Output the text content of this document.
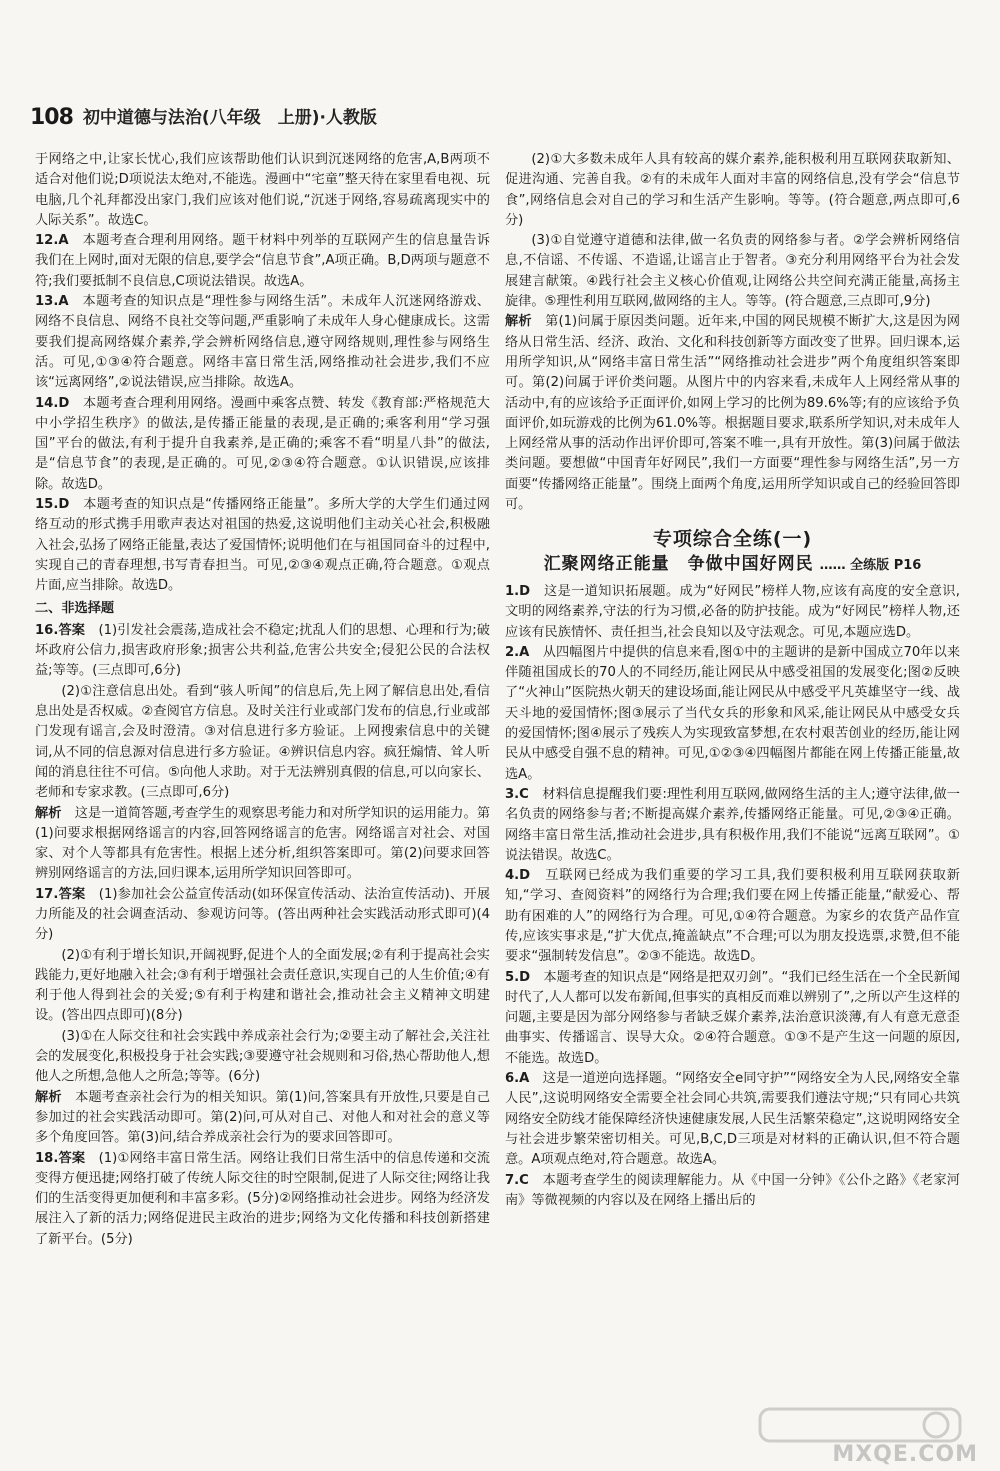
108 初中道德与法治(八年级　上册)·人教版

于网络之中,让家长忧心,我们应该帮助他们认识到沉迷网络的危害,A,B两项不适合对他们说;D项说法太绝对,不能选。漫画中“宅童”整天待在家里看电视、玩电脑,几个礼拜都没出家门,我们应该对他们说,“沉迷于网络,容易疏离现实中的人际关系”。故选C。

12.A　 本题考查合理利用网络。题干材料中列举的互联网产生的信息量告诉我们在上网时,面对无限的信息,要学会“信息节食”,A项正确。B,D两项与题意不符;我们要抵制不良信息,C项说法错误。故选A。

13.A　 本题考查的知识点是“理性参与网络生活”。未成年人沉迷网络游戏、网络不良信息、网络不良社交等问题,严重影响了未成年人身心健康成长。这需要我们提高网络媒介素养,学会辨析网络信息,遵守网络规则,理性参与网络生活。可见,①③④符合题意。网络丰富日常生活,网络推动社会进步,我们不应该“远离网络”,②说法错误,应当排除。故选A。

14.D　 本题考查合理利用网络。漫画中乘客点赞、转发《教育部:严格规范大中小学招生秩序》的做法,是传播正能量的表现,是正确的;乘客利用“学习强国”平台的做法,有利于提升自我素养,是正确的;乘客不看“明星八卦”的做法,是“信息节食”的表现,是正确的。可见,②③④符合题意。①认识错误,应该排除。故选D。

15.D　 本题考查的知识点是“传播网络正能量”。多所大学的大学生们通过网络互动的形式携手用歌声表达对祖国的热爱,这说明他们主动关心社会,积极融入社会,弘扬了网络正能量,表达了爱国情怀;说明他们在与祖国同奋斗的过程中,实现自己的青春理想,书写青春担当。可见,②③④观点正确,符合题意。①观点片面,应当排除。故选D。

二、非选择题

16.答案　 (1)引发社会震荡,造成社会不稳定;扰乱人们的思想、心理和行为;破坏政府公信力,损害政府形象;损害公共利益,危害公共安全;侵犯公民的合法权益;等等。(三点即可,6分)

(2)①注意信息出处。看到“骇人听闻”的信息后,先上网了解信息出处,看信息出处是否权威。②查阅官方信息。及时关注行业或部门发布的信息,行业或部门发现有谣言,会及时澄清。③对信息进行多方验证。上网搜索信息中的关键词,从不同的信息源对信息进行多方验证。④辨识信息内容。疯狂煽情、耸人听闻的消息往往不可信。⑤向他人求助。对于无法辨别真假的信息,可以向家长、老师和专家求教。(三点即可,6分)

解析　 这是一道简答题,考查学生的观察思考能力和对所学知识的运用能力。第(1)问要求根据网络谣言的内容,回答网络谣言的危害。网络谣言对社会、对国家、对个人等都具有危害性。根据上述分析,组织答案即可。第(2)问要求回答辨别网络谣言的方法,回归课本,运用所学知识回答即可。

17.答案　 (1)参加社会公益宣传活动(如环保宣传活动、法治宣传活动)、开展力所能及的社会调查活动、参观访问等。(答出两种社会实践活动形式即可)(4分)

(2)①有利于增长知识,开阔视野,促进个人的全面发展;②有利于提高社会实践能力,更好地融入社会;③有利于增强社会责任意识,实现自己的人生价值;④有利于他人得到社会的关爱;⑤有利于构建和谐社会,推动社会主义精神文明建设。(答出四点即可)(8分)

(3)①在人际交往和社会实践中养成亲社会行为;②要主动了解社会,关注社会的发展变化,积极投身于社会实践;③要遵守社会规则和习俗,热心帮助他人,想他人之所想,急他人之所急;等等。(6分)

解析　 本题考查亲社会行为的相关知识。第(1)问,答案具有开放性,只要是自己参加过的社会实践活动即可。第(2)问,可从对自己、对他人和对社会的意义等多个角度回答。第(3)问,结合养成亲社会行为的要求回答即可。

18.答案　 (1)①网络丰富日常生活。网络让我们日常生活中的信息传递和交流变得方便迅捷;网络打破了传统人际交往的时空限制,促进了人际交往;网络让我们的生活变得更加便利和丰富多彩。(5分)②网络推动社会进步。网络为经济发展注入了新的活力;网络促进民主政治的进步;网络为文化传播和科技创新搭建了新平台。(5分)

(2)①大多数未成年人具有较高的媒介素养,能积极利用互联网获取新知、促进沟通、完善自我。②有的未成年人面对丰富的网络信息,没有学会“信息节食”,网络信息会对自己的学习和生活产生影响。等等。(符合题意,两点即可,6分)

(3)①自觉遵守道德和法律,做一名负责的网络参与者。②学会辨析网络信息,不信谣、不传谣、不造谣,让谣言止于智者。③充分利用网络平台为社会发展建言献策。④践行社会主义核心价值观,让网络公共空间充满正能量,高扬主旋律。⑤理性利用互联网,做网络的主人。等等。(符合题意,三点即可,9分)

解析　 第(1)问属于原因类问题。近年来,中国的网民规模不断扩大,这是因为网络从日常生活、经济、政治、文化和科技创新等方面改变了世界。回归课本,运用所学知识,从“网络丰富日常生活”“网络推动社会进步”两个角度组织答案即可。第(2)问属于评价类问题。从图片中的内容来看,未成年人上网经常从事的活动中,有的应该给予正面评价,如网上学习的比例为89.6%等;有的应该给予负面评价,如玩游戏的比例为61.0%等。根据题目要求,联系所学知识,对未成年人上网经常从事的活动作出评价即可,答案不唯一,具有开放性。第(3)问属于做法类问题。要想做“中国青年好网民”,我们一方面要“理性参与网络生活”,另一方面要“传播网络正能量”。围绕上面两个角度,运用所学知识或自己的经验回答即可。

专项综合全练(一)
汇聚网络正能量　争做中国好网民 …… 全练版 P16

1.D　 这是一道知识拓展题。成为“好网民”榜样人物,应该有高度的安全意识,文明的网络素养,守法的行为习惯,必备的防护技能。成为“好网民”榜样人物,还应该有民族情怀、责任担当,社会良知以及守法观念。可见,本题应选D。

2.A　 从四幅图片中提供的信息来看,图①中的主题讲的是新中国成立70年以来伴随祖国成长的70人的不同经历,能让网民从中感受祖国的发展变化;图②反映了“火神山”医院热火朝天的建设场面,能让网民从中感受平凡英雄坚守一线、战天斗地的爱国情怀;图③展示了当代女兵的形象和风采,能让网民从中感受女兵的爱国情怀;图④展示了残疾人为实现致富梦想,在农村艰苦创业的经历,能让网民从中感受自强不息的精神。可见,①②③④四幅图片都能在网上传播正能量,故选A。

3.C　 材料信息提醒我们要:理性利用互联网,做网络生活的主人;遵守法律,做一名负责的网络参与者;不断提高媒介素养,传播网络正能量。可见,②③④正确。网络丰富日常生活,推动社会进步,具有积极作用,我们不能说“远离互联网”。①说法错误。故选C。

4.D　 互联网已经成为我们重要的学习工具,我们要积极利用互联网获取新知,“学习、查阅资料”的网络行为合理;我们要在网上传播正能量,“献爱心、帮助有困难的人”的网络行为合理。可见,①④符合题意。为家乡的农货产品作宣传,应该实事求是,“扩大优点,掩盖缺点”不合理;可以为朋友投选票,求赞,但不能要求“强制转发信息”。②③不能选。故选D。

5.D　 本题考查的知识点是“网络是把双刃剑”。“我们已经生活在一个全民新闻时代了,人人都可以发布新闻,但事实的真相反而难以辨别了”,之所以产生这样的问题,主要是因为部分网络参与者缺乏媒介素养,法治意识淡薄,有人有意无意歪曲事实、传播谣言、误导大众。②④符合题意。①③不是产生这一问题的原因,不能选。故选D。

6.A　 这是一道逆向选择题。“网络安全e同守护”“网络安全为人民,网络安全靠人民”,这说明网络安全需要全社会同心共筑,需要我们遵法守规;“只有同心共筑网络安全防线才能保障经济快速健康发展,人民生活繁荣稳定”,这说明网络安全与社会进步繁荣密切相关。可见,B,C,D三项是对材料的正确认识,但不符合题意。A项观点绝对,符合题意。故选A。

7.C　 本题考查学生的阅读理解能力。从《中国一分钟》《公仆之路》《老家河南》等微视频的内容以及在网络上播出后的

MXQE.COM
